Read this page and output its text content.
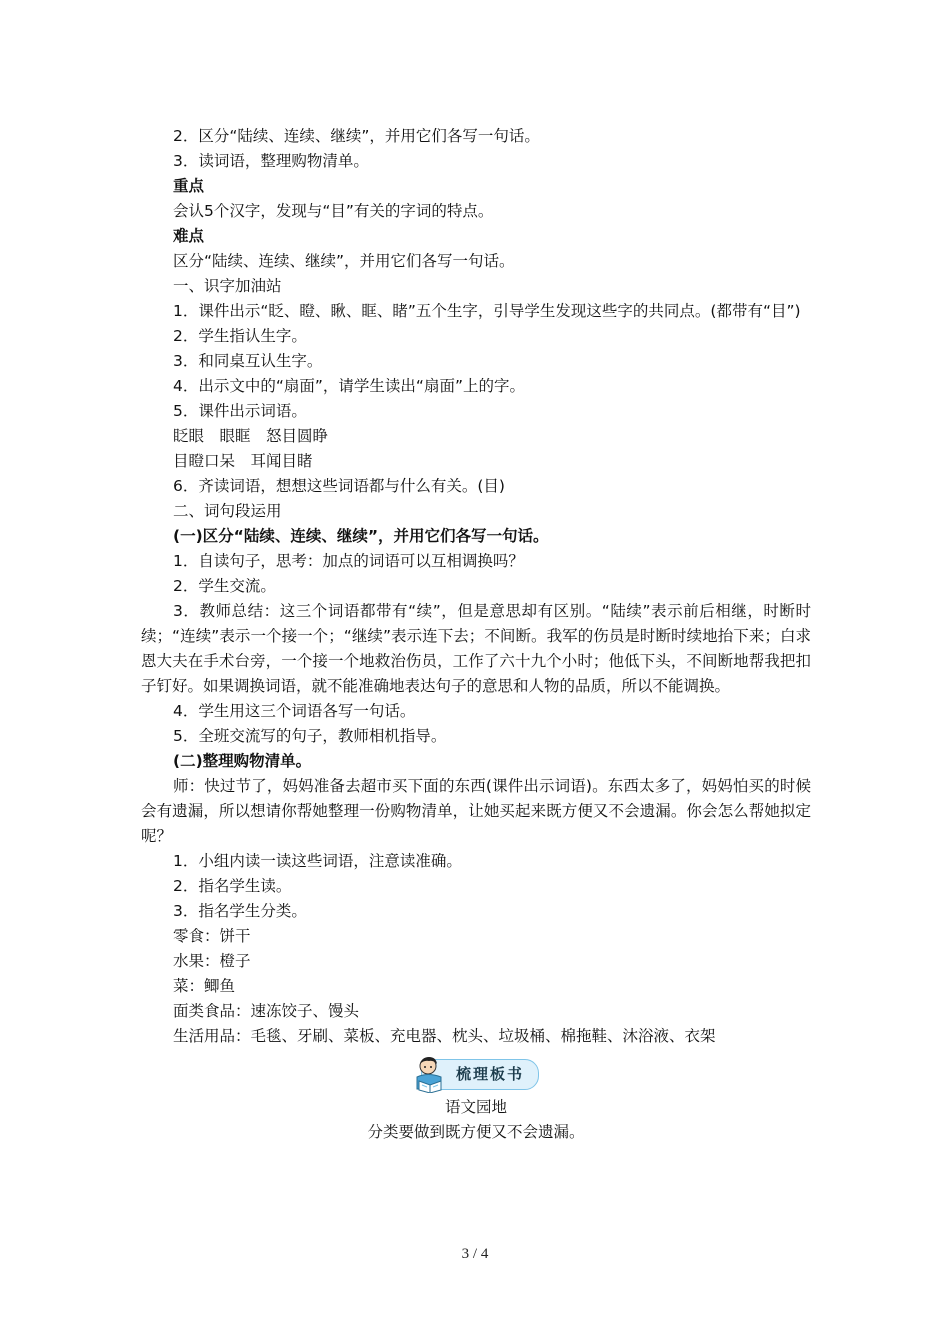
2．区分“陆续、连续、继续”，并用它们各写一句话。

3．读词语，整理购物清单。

重点

会认5个汉字，发现与“目”有关的字词的特点。

难点

区分“陆续、连续、继续”，并用它们各写一句话。

一、识字加油站

1．课件出示“眨、瞪、瞅、眶、睹”五个生字，引导学生发现这些字的共同点。(都带有“目”)

2．学生指认生字。

3．和同桌互认生字。

4．出示文中的“扇面”，请学生读出“扇面”上的字。

5．课件出示词语。

眨眼　眼眶　怒目圆睁

目瞪口呆　耳闻目睹

6．齐读词语，想想这些词语都与什么有关。(目)

二、词句段运用

(一)区分“陆续、连续、继续”，并用它们各写一句话。

1．自读句子，思考：加点的词语可以互相调换吗？

2．学生交流。

3．教师总结：这三个词语都带有“续”，但是意思却有区别。“陆续”表示前后相继，时断时续；“连续”表示一个接一个；“继续”表示连下去；不间断。我军的伤员是时断时续地抬下来；白求恩大夫在手术台旁，一个接一个地救治伤员，工作了六十九个小时；他低下头，不间断地帮我把扣子钉好。如果调换词语，就不能准确地表达句子的意思和人物的品质，所以不能调换。

4．学生用这三个词语各写一句话。

5．全班交流写的句子，教师相机指导。

(二)整理购物清单。

师：快过节了，妈妈准备去超市买下面的东西(课件出示词语)。东西太多了，妈妈怕买的时候会有遗漏，所以想请你帮她整理一份购物清单，让她买起来既方便又不会遗漏。你会怎么帮她拟定呢？

1．小组内读一读这些词语，注意读准确。

2．指名学生读。

3．指名学生分类。

零食：饼干

水果：橙子

菜：鲫鱼

面类食品：速冻饺子、馒头

生活用品：毛毯、牙刷、菜板、充电器、枕头、垃圾桶、棉拖鞋、沐浴液、衣架

梳理板书

语文园地

分类要做到既方便又不会遗漏。

3 / 4
